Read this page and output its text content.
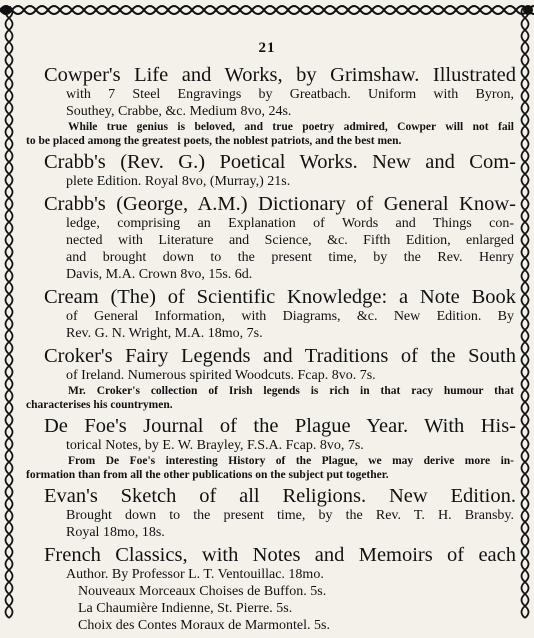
21
Cowper's Life and Works, by Grimshaw. Illustrated
with 7 Steel Engravings by Greatbach. Uniform with Byron,
Southey, Crabbe, &c. Medium 8vo, 24s.
While true genius is beloved, and true poetry admired, Cowper will not fail
to be placed among the greatest poets, the noblest patriots, and the best men.
Crabb's (Rev. G.) Poetical Works. New and Com-
plete Edition. Royal 8vo, (Murray,) 21s.
Crabb's (George, A.M.) Dictionary of General Know-
ledge, comprising an Explanation of Words and Things con-
nected with Literature and Science, &c. Fifth Edition, enlarged
and brought down to the present time, by the Rev. Henry
Davis, M.A. Crown 8vo, 15s. 6d.
Cream (The) of Scientific Knowledge: a Note Book
of General Information, with Diagrams, &c. New Edition. By
Rev. G. N. Wright, M.A. 18mo, 7s.
Croker's Fairy Legends and Traditions of the South
of Ireland. Numerous spirited Woodcuts. Fcap. 8vo. 7s.
Mr. Croker's collection of Irish legends is rich in that racy humour that
characterises his countrymen.
De Foe's Journal of the Plague Year. With His-
torical Notes, by E. W. Brayley, F.S.A. Fcap. 8vo, 7s.
From De Foe's interesting History of the Plague, we may derive more in-
formation than from all the other publications on the subject put together.
Evan's Sketch of all Religions. New Edition.
Brought down to the present time, by the Rev. T. H. Bransby.
Royal 18mo, 18s.
French Classics, with Notes and Memoirs of each
Author. By Professor L. T. Ventouillac. 18mo.
Nouveaux Morceaux Choises de Buffon. 5s.
La Chaumière Indienne, St. Pierre. 5s.
Choix des Contes Moraux de Marmontel. 5s.
